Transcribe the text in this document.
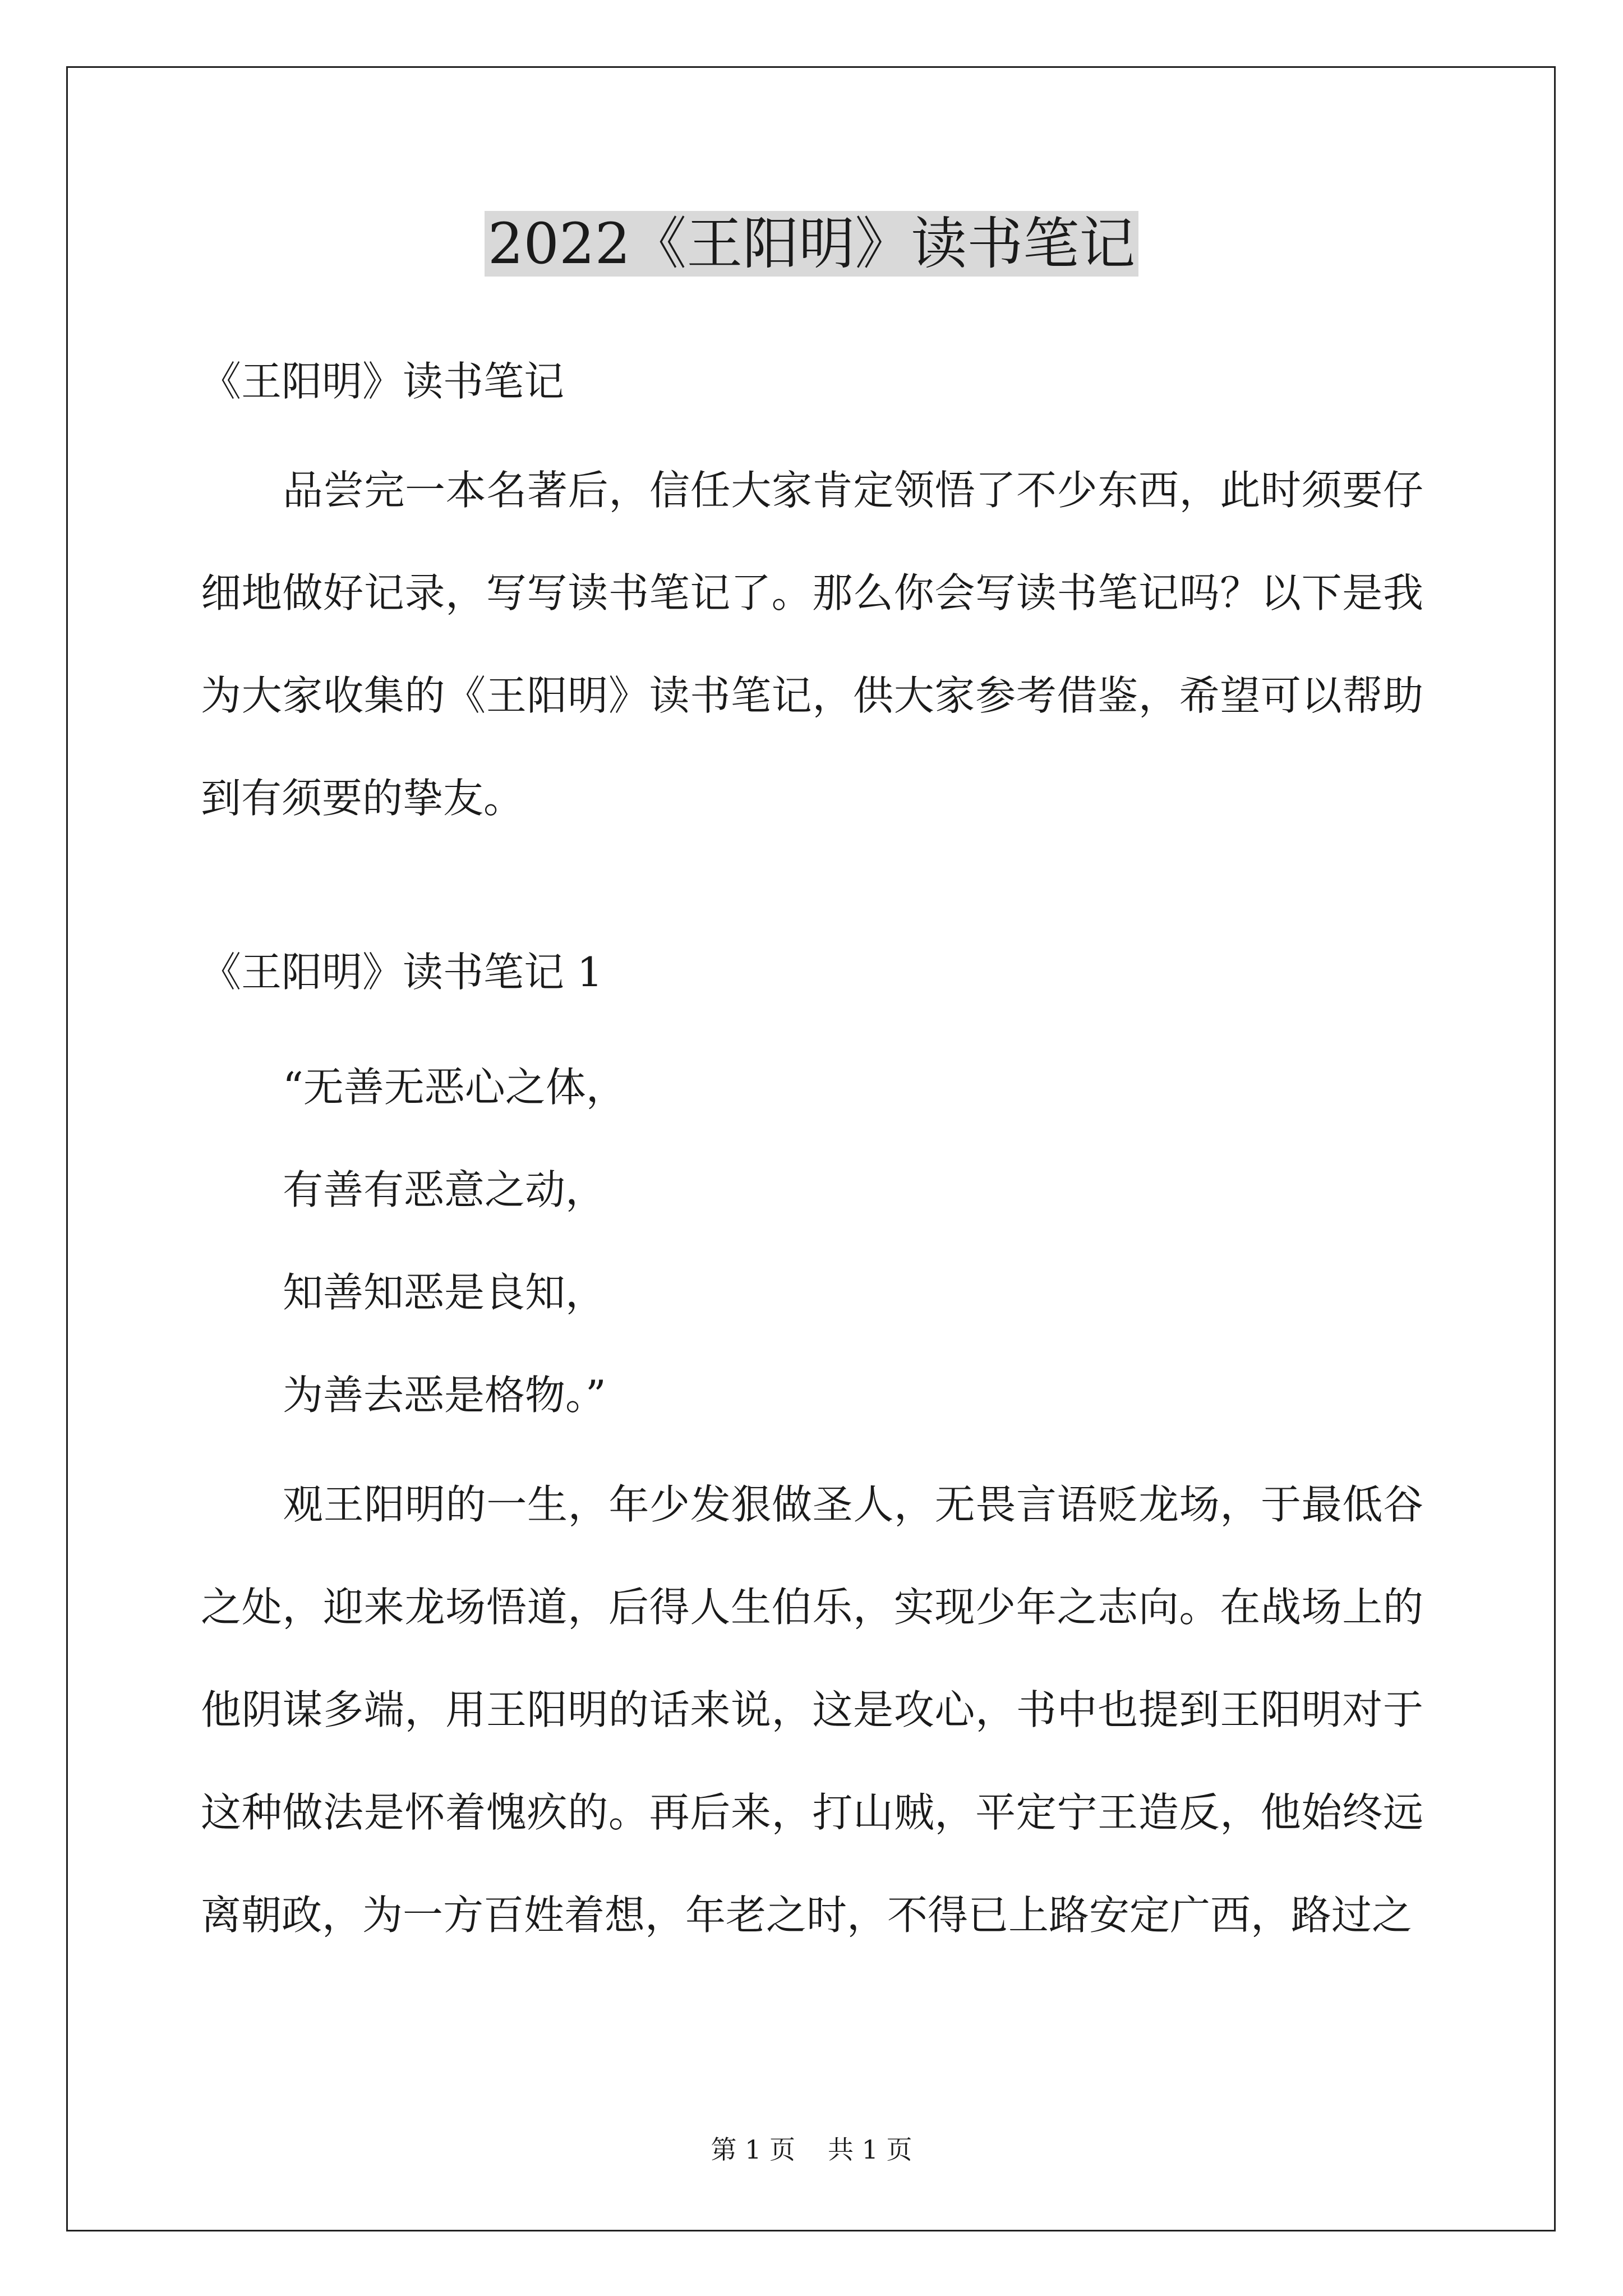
2022《王阳明》读书笔记

《王阳明》读书笔记

品尝完一本名著后，信任大家肯定领悟了不少东西，此时须要仔细地做好记录，写写读书笔记了。那么你会写读书笔记吗？以下是我为大家收集的《王阳明》读书笔记，供大家参考借鉴，希望可以帮助到有须要的挚友。

《王阳明》读书笔记 1

“无善无恶心之体，

有善有恶意之动，

知善知恶是良知，

为善去恶是格物。”

观王阳明的一生，年少发狠做圣人，无畏言语贬龙场，于最低谷之处，迎来龙场悟道，后得人生伯乐，实现少年之志向。在战场上的他阴谋多端，用王阳明的话来说，这是攻心，书中也提到王阳明对于这种做法是怀着愧疚的。再后来，打山贼，平定宁王造反，他始终远离朝政，为一方百姓着想，年老之时，不得已上路安定广西，路过之

第 1 页 共 1 页
